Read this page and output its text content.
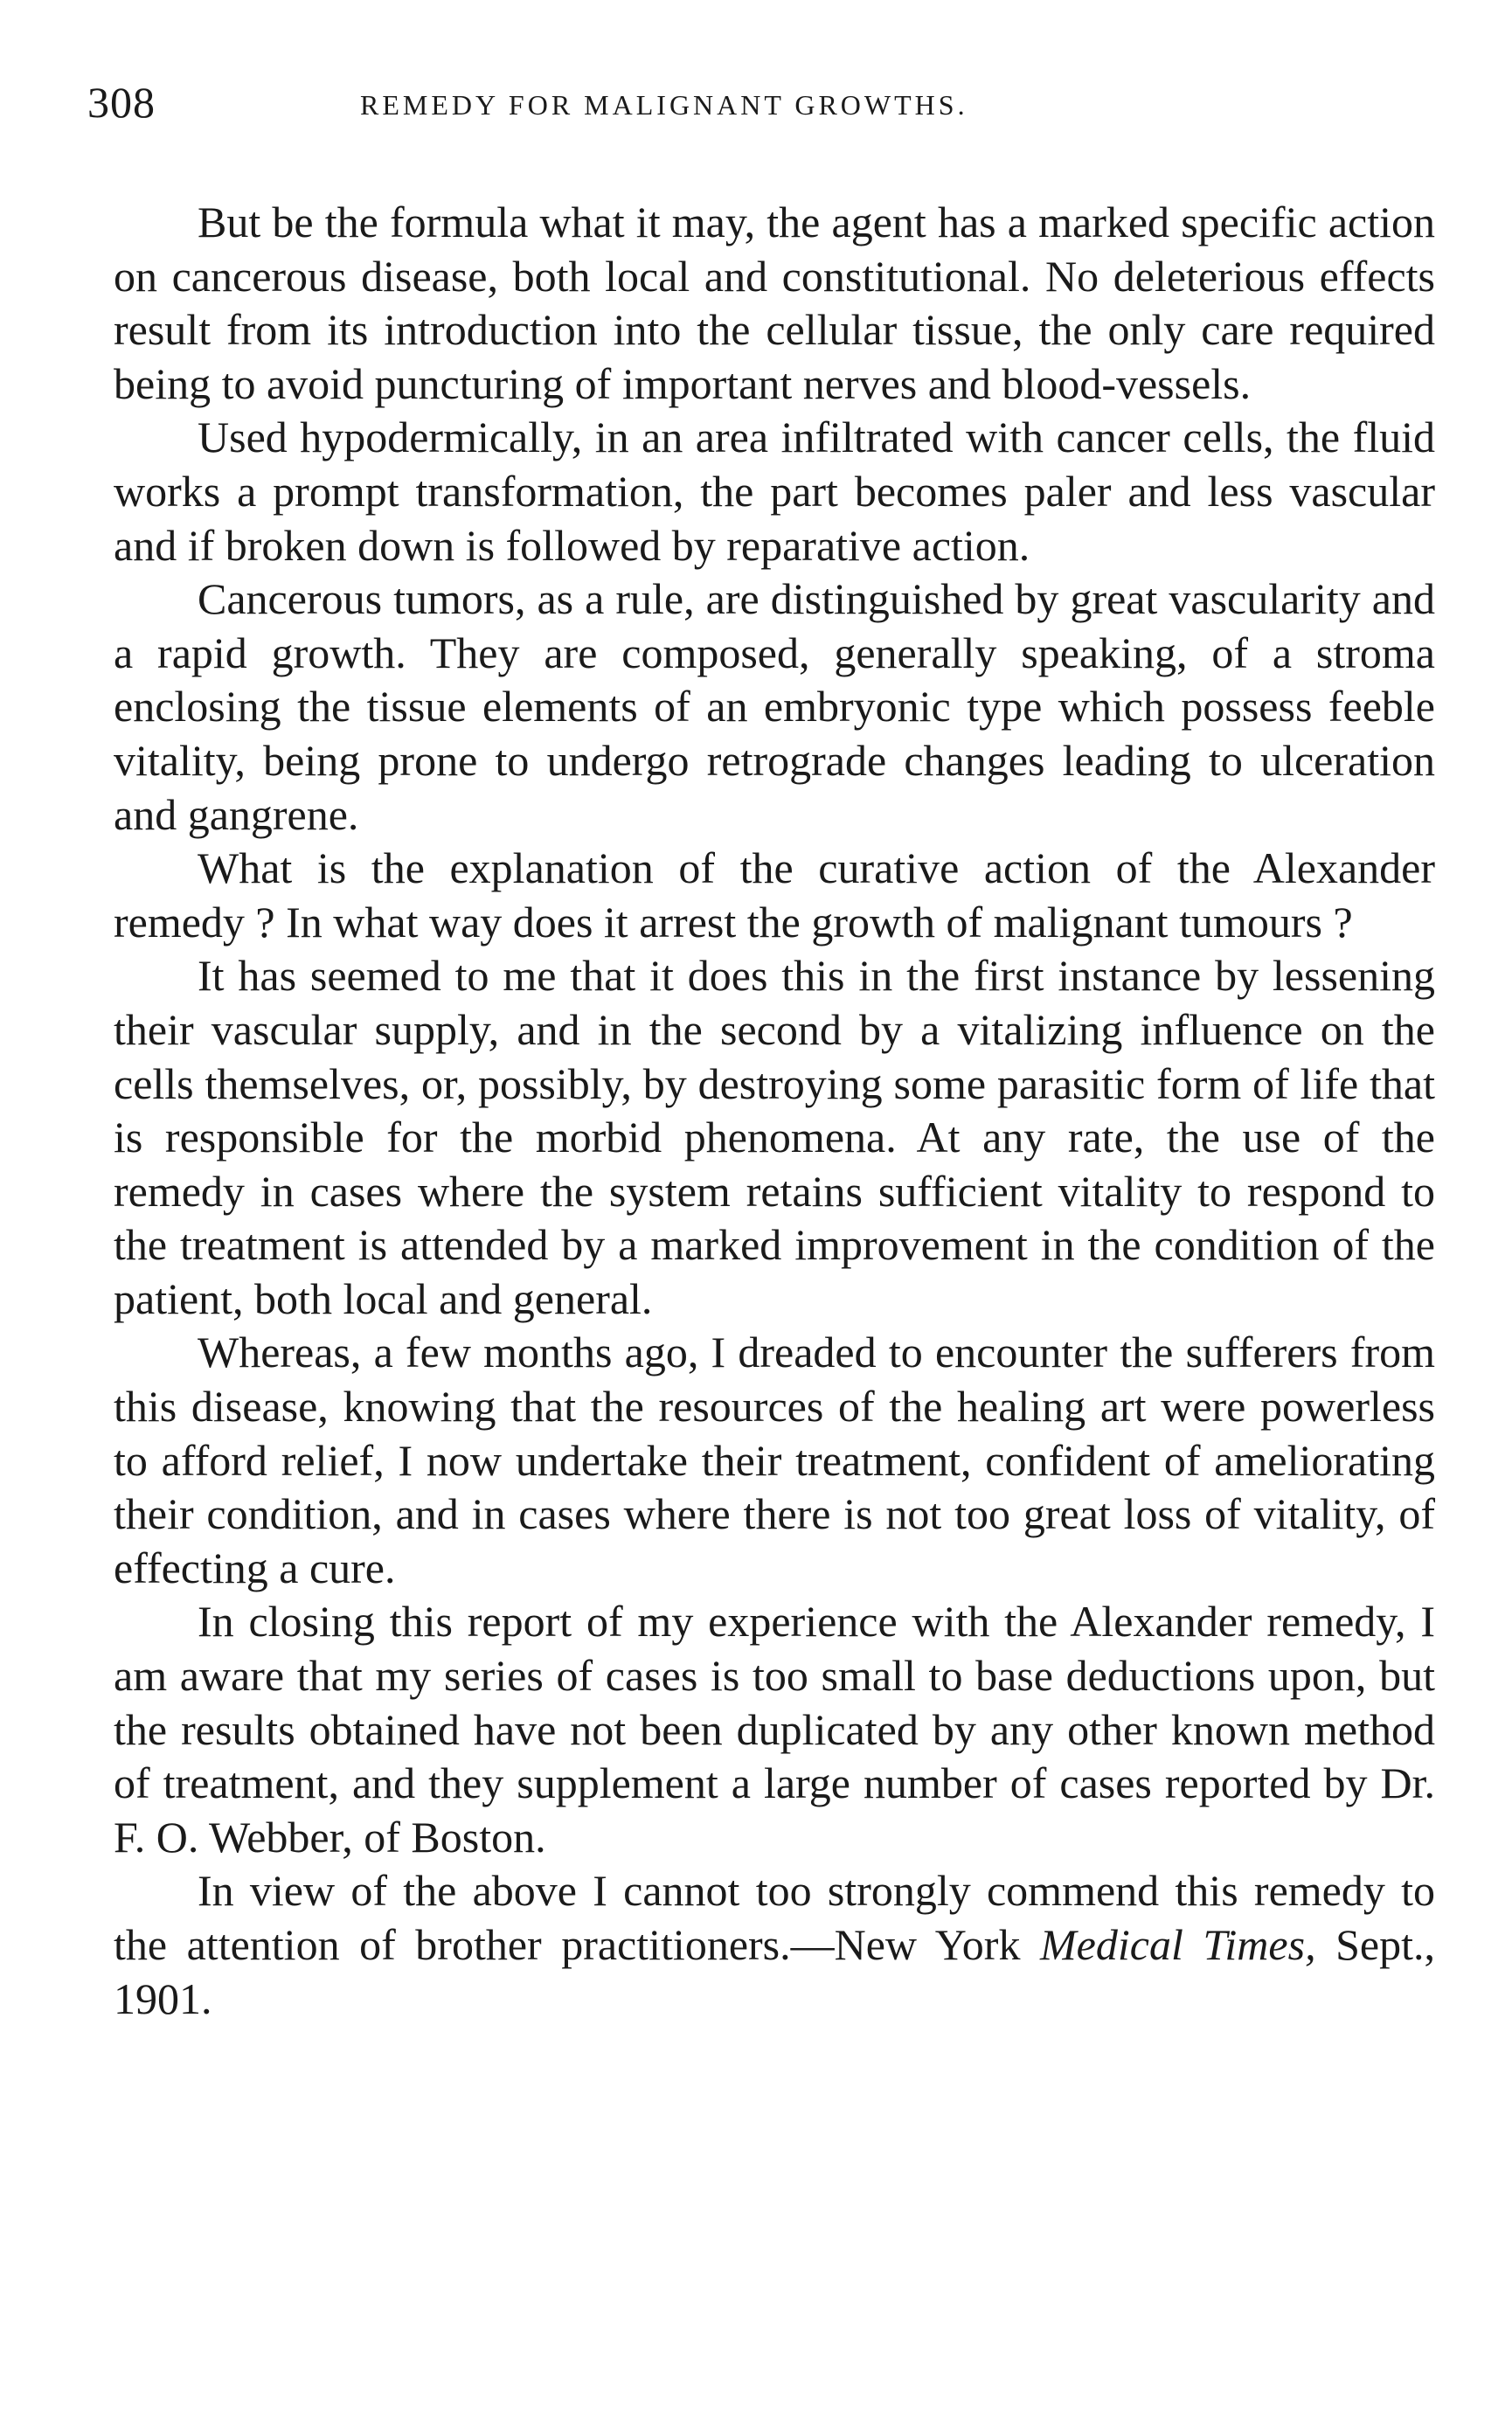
308	REMEDY FOR MALIGNANT GROWTHS.

But be the formula what it may, the agent has a marked specific action on cancerous disease, both local and constitutional. No deleterious effects result from its introduction into the cellular tissue, the only care required being to avoid puncturing of important nerves and blood-vessels.

Used hypodermically, in an area infiltrated with cancer cells, the fluid works a prompt transformation, the part becomes paler and less vascular and if broken down is followed by reparative action.

Cancerous tumors, as a rule, are distinguished by great vascularity and a rapid growth. They are composed, generally speaking, of a stroma enclosing the tissue elements of an embryonic type which possess feeble vitality, being prone to undergo retrograde changes leading to ulceration and gangrene.

What is the explanation of the curative action of the Alexander remedy ? In what way does it arrest the growth of malignant tumours ?

It has seemed to me that it does this in the first instance by lessening their vascular supply, and in the second by a vitalizing influence on the cells themselves, or, possibly, by destroying some parasitic form of life that is responsible for the morbid phenomena. At any rate, the use of the remedy in cases where the system retains sufficient vitality to respond to the treatment is attended by a marked improvement in the condition of the patient, both local and general.

Whereas, a few months ago, I dreaded to encounter the sufferers from this disease, knowing that the resources of the healing art were powerless to afford relief, I now undertake their treatment, confident of ameliorating their condition, and in cases where there is not too great loss of vitality, of effecting a cure.

In closing this report of my experience with the Alexander remedy, I am aware that my series of cases is too small to base deductions upon, but the results obtained have not been duplicated by any other known method of treatment, and they supplement a large number of cases reported by Dr. F. O. Webber, of Boston.

In view of the above I cannot too strongly commend this remedy to the attention of brother practitioners.—New York Medical Times, Sept., 1901.
